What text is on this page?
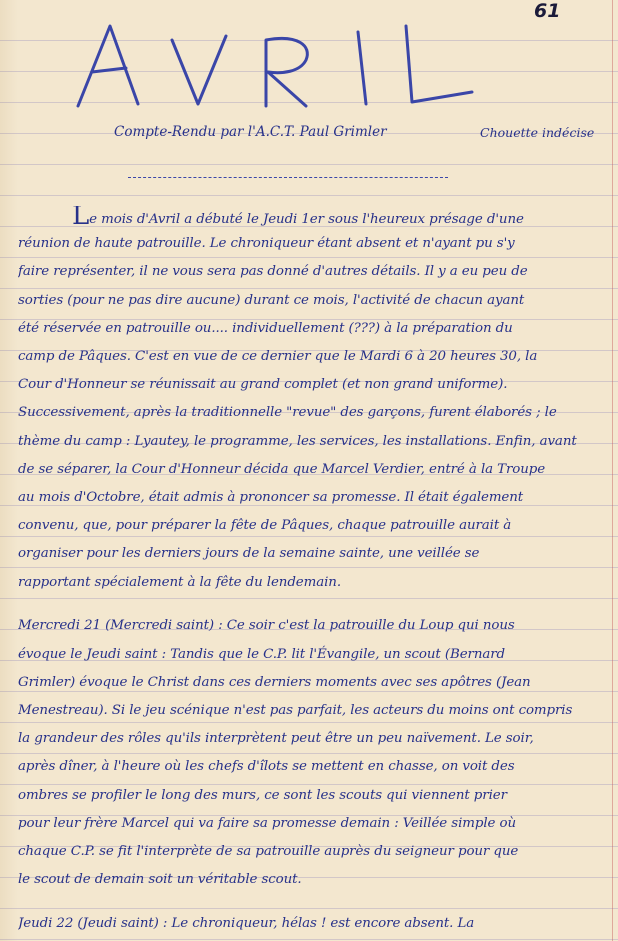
61
Compte-Rendu par l'A.C.T. Paul Grimler	Chouette indécise
Le mois d'Avril a débuté le Jeudi 1er sous l'heureux présage d'une
réunion de haute patrouille. Le chroniqueur étant absent et n'ayant pu s'y
faire représenter, il ne vous sera pas donné d'autres détails. Il y a eu peu de
sorties (pour ne pas dire aucune) durant ce mois, l'activité de chacun ayant
été réservée en patrouille ou.... individuellement (???) à la préparation du
camp de Pâques. C'est en vue de ce dernier que le Mardi 6 à 20 heures 30, la
Cour d'Honneur se réunissait au grand complet (et non grand uniforme).
Successivement, après la traditionnelle "revue" des garçons, furent élaborés ; le
thème du camp : Lyautey, le programme, les services, les installations. Enfin, avant
de se séparer, la Cour d'Honneur décida que Marcel Verdier, entré à la Troupe
au mois d'Octobre, était admis à prononcer sa promesse. Il était également
convenu, que, pour préparer la fête de Pâques, chaque patrouille aurait à
organiser pour les derniers jours de la semaine sainte, une veillée se
rapportant spécialement à la fête du lendemain.
Mercredi 21 (Mercredi saint) : Ce soir c'est la patrouille du Loup qui nous
évoque le Jeudi saint : Tandis que le C.P. lit l'Évangile, un scout (Bernard
Grimler) évoque le Christ dans ces derniers moments avec ses apôtres (Jean
Menestreau). Si le jeu scénique n'est pas parfait, les acteurs du moins ont compris
la grandeur des rôles qu'ils interprètent peut être un peu naïvement. Le soir,
après dîner, à l'heure où les chefs d'îlots se mettent en chasse, on voit des
ombres se profiler le long des murs, ce sont les scouts qui viennent prier
pour leur frère Marcel qui va faire sa promesse demain : Veillée simple où
chaque C.P. se fit l'interprète de sa patrouille auprès du seigneur pour que
le scout de demain soit un véritable scout.
Jeudi 22 (Jeudi saint) : Le chroniqueur, hélas ! est encore absent. La
